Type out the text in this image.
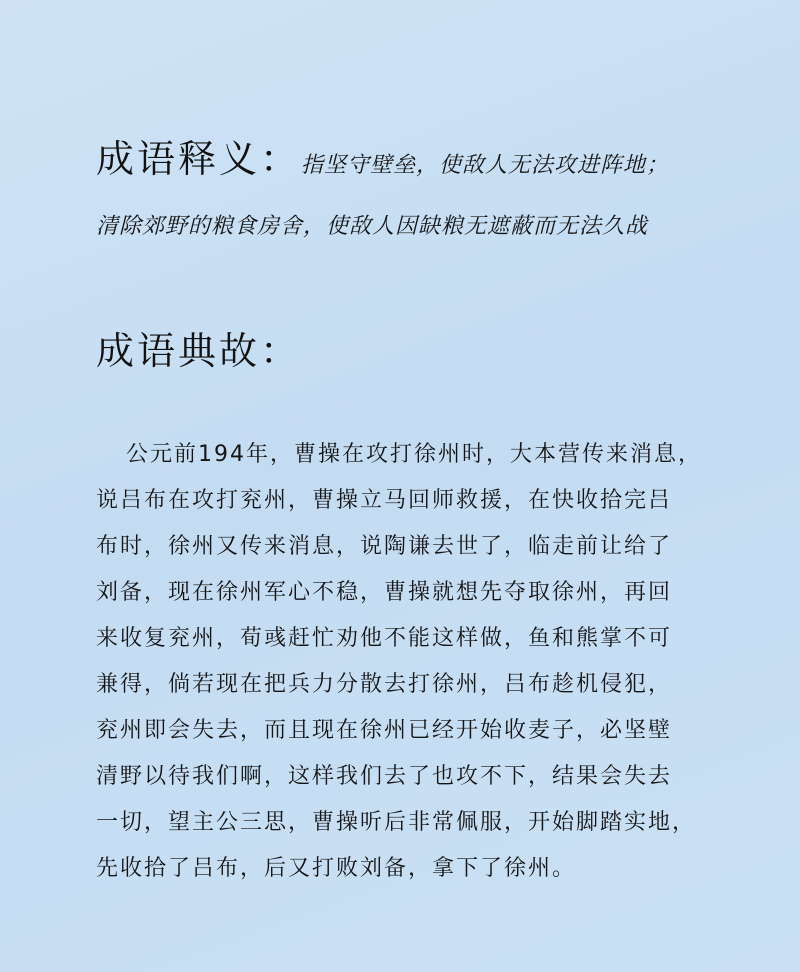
成语释义： 指坚守壁垒，使敌人无法攻进阵地；
清除郊野的粮食房舍，使敌人因缺粮无遮蔽而无法久战
成语典故：
公元前194年，曹操在攻打徐州时，大本营传来消息，
说吕布在攻打兖州，曹操立马回师救援，在快收拾完吕
布时，徐州又传来消息，说陶谦去世了，临走前让给了
刘备，现在徐州军心不稳，曹操就想先夺取徐州，再回
来收复兖州，荀彧赶忙劝他不能这样做，鱼和熊掌不可
兼得，倘若现在把兵力分散去打徐州，吕布趁机侵犯，
兖州即会失去，而且现在徐州已经开始收麦子，必坚壁
清野以待我们啊，这样我们去了也攻不下，结果会失去
一切，望主公三思，曹操听后非常佩服，开始脚踏实地，
先收拾了吕布，后又打败刘备，拿下了徐州。
